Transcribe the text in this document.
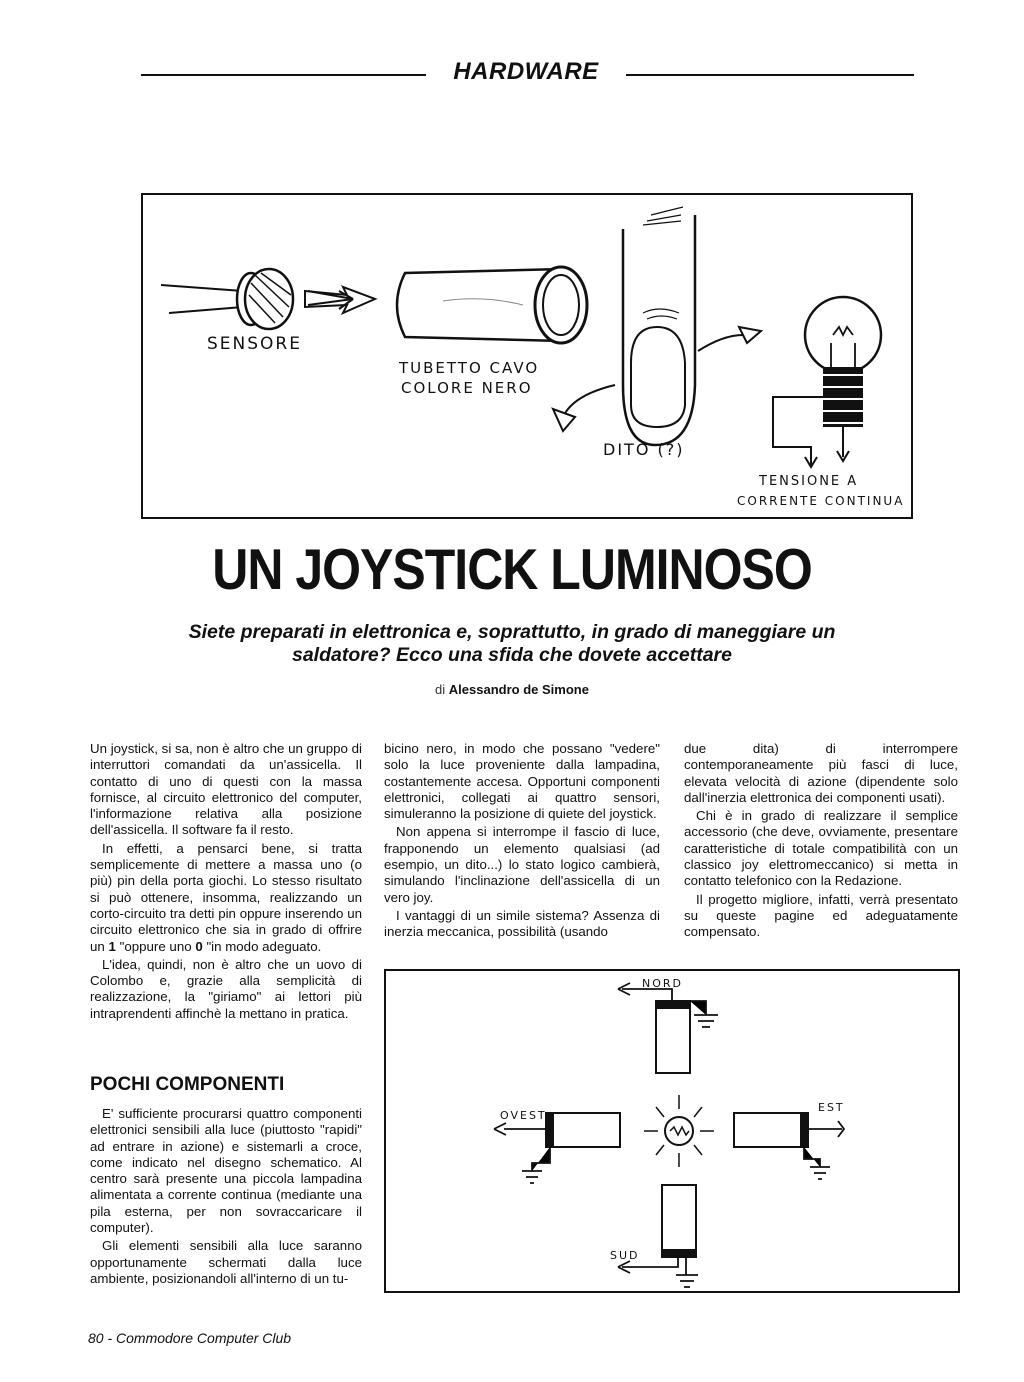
HARDWARE
SENSORE
TUBETTO CAVO
COLORE NERO
DITO (?)
TENSIONE A
CORRENTE CONTINUA
UN JOYSTICK LUMINOSO
Siete preparati in elettronica e, soprattutto, in grado di maneggiare un saldatore? Ecco una sfida che dovete accettare
di Alessandro de Simone

Un joystick, si sa, non è altro che un gruppo di interruttori comandati da un'assicella. Il contatto di uno di questi con la massa fornisce, al circuito elettronico del computer, l'informazione relativa alla posizione dell'assicella. Il software fa il resto.

In effetti, a pensarci bene, si tratta semplicemente di mettere a massa uno (o più) pin della porta giochi. Lo stesso risultato si può ottenere, insomma, realizzando un corto-circuito tra detti pin oppure inserendo un circuito elettronico che sia in grado di offrire un 1 "oppure uno 0 "in modo adeguato.

L'idea, quindi, non è altro che un uovo di Colombo e, grazie alla semplicità di realizzazione, la "giriamo" ai lettori più intraprendenti affinchè la mettano in pratica.

POCHI COMPONENTI

E' sufficiente procurarsi quattro componenti elettronici sensibili alla luce (piuttosto "rapidi" ad entrare in azione) e sistemarli a croce, come indicato nel disegno schematico. Al centro sarà presente una piccola lampadina alimentata a corrente continua (mediante una pila esterna, per non sovraccaricare il computer).

Gli elementi sensibili alla luce saranno opportunamente schermati dalla luce ambiente, posizionandoli all'interno di un tu-

bicino nero, in modo che possano "vedere" solo la luce proveniente dalla lampadina, costantemente accesa. Opportuni componenti elettronici, collegati ai quattro sensori, simuleranno la posizione di quiete del joystick.

Non appena si interrompe il fascio di luce, frapponendo un elemento qualsiasi (ad esempio, un dito...) lo stato logico cambierà, simulando l'inclinazione dell'assicella di un vero joy.

I vantaggi di un simile sistema? Assenza di inerzia meccanica, possibilità (usando

due dita) di interrompere contemporaneamente più fasci di luce, elevata velocità di azione (dipendente solo dall'inerzia elettronica dei componenti usati).

Chi è in grado di realizzare il semplice accessorio (che deve, ovviamente, presentare caratteristiche di totale compatibilità con un classico joy elettromeccanico) si metta in contatto telefonico con la Redazione.

Il progetto migliore, infatti, verrà presentato su queste pagine ed adeguatamente compensato.

NORD
OVEST
EST
SUD
80 - Commodore Computer Club
